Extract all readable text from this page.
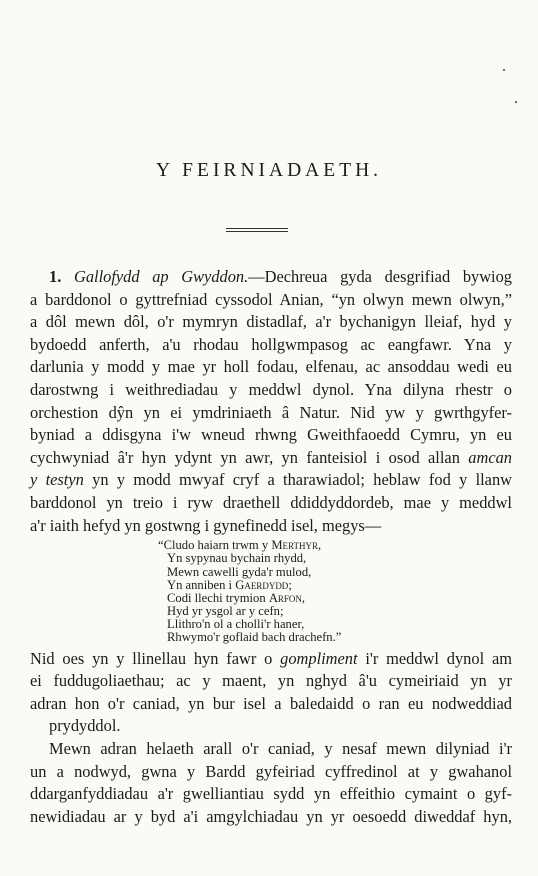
Y FEIRNIADAETH.
1. Gallofydd ap Gwyddon.—Dechreua gyda desgrifiad bywiog
a barddonol o gyttrefniad cyssodol Anian, “yn olwyn mewn olwyn,”
a dôl mewn dôl, o'r mymryn distadlaf, a'r bychanigyn lleiaf, hyd y
bydoedd anferth, a'u rhodau hollgwmpasog ac eangfawr. Yna y
darlunia y modd y mae yr holl fodau, elfenau, ac ansoddau wedi eu
darostwng i weithrediadau y meddwl dynol. Yna dilyna rhestr o
orchestion dŷn yn ei ymdriniaeth â Natur. Nid yw y gwrthgyfer-
byniad a ddisgyna i'w wneud rhwng Gweithfaoedd Cymru, yn eu
cychwyniad â'r hyn ydynt yn awr, yn fanteisiol i osod allan amcan
y testyn yn y modd mwyaf cryf a tharawiadol; heblaw fod y llanw
barddonol yn treio i ryw draethell ddiddyddordeb, mae y meddwl
a'r iaith hefyd yn gostwng i gynefinedd isel, megys—
“Cludo haiarn trwm y Merthyr,
Yn sypynau bychain rhydd,
Mewn cawelli gyda'r mulod,
Yn anniben i Gaerdydd;
Codi llechi trymion Arfon,
Hyd yr ysgol ar y cefn;
Llithro'n ol a cholli'r haner,
Rhwymo'r goflaid bach drachefn.”
Nid oes yn y llinellau hyn fawr o gompliment i'r meddwl dynol am
ei fuddugoliaethau; ac y maent, yn nghyd â'u cymeiriaid yn yr
adran hon o'r caniad, yn bur isel a baledaidd o ran eu nodweddiad
prydyddol.
Mewn adran helaeth arall o'r caniad, y nesaf mewn dilyniad i'r
un a nodwyd, gwna y Bardd gyfeiriad cyffredinol at y gwahanol
ddarganfyddiadau a'r gwelliantiau sydd yn effeithio cymaint o gyf-
newidiadau ar y byd a'i amgylchiadau yn yr oesoedd diweddaf hyn,
